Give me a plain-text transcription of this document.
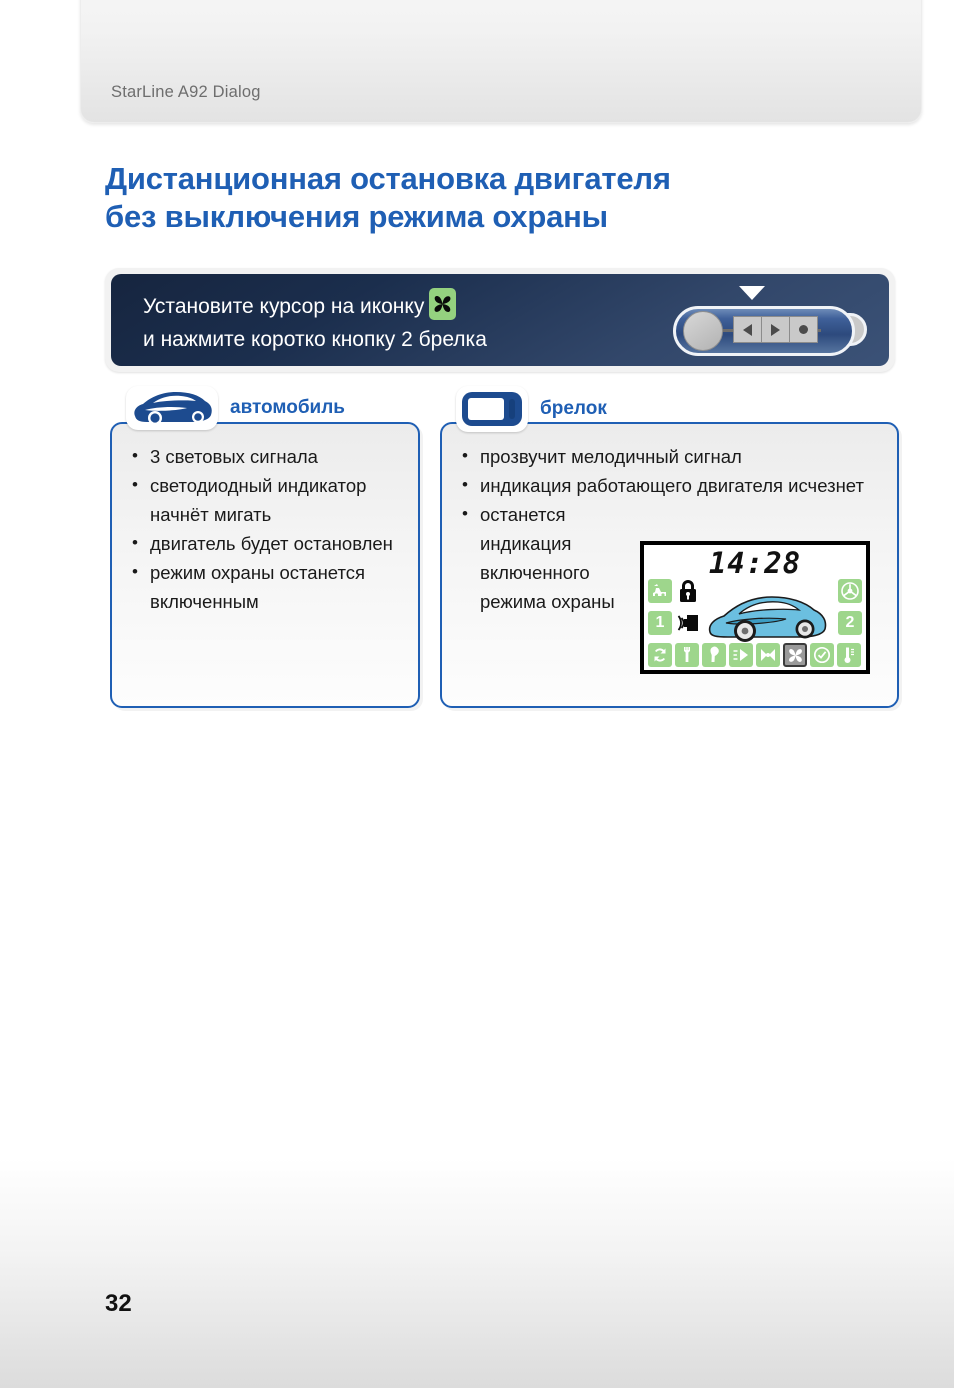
StarLine A92 Dialog
Дистанционная остановка двигателя
без выключения режима охраны
Установите курсор на иконку
и нажмите коротко кнопку 2 брелка
автомобиль
• 3 световых сигнала
• светодиодный индикатор начнёт мигать
• двигатель будет остановлен
• режим охраны останется включенным
брелок
• прозвучит мелодичный сигнал
• индикация работающего двигателя исчезнет
• останется индикация включенного режима охраны
14:28
1	2
32
